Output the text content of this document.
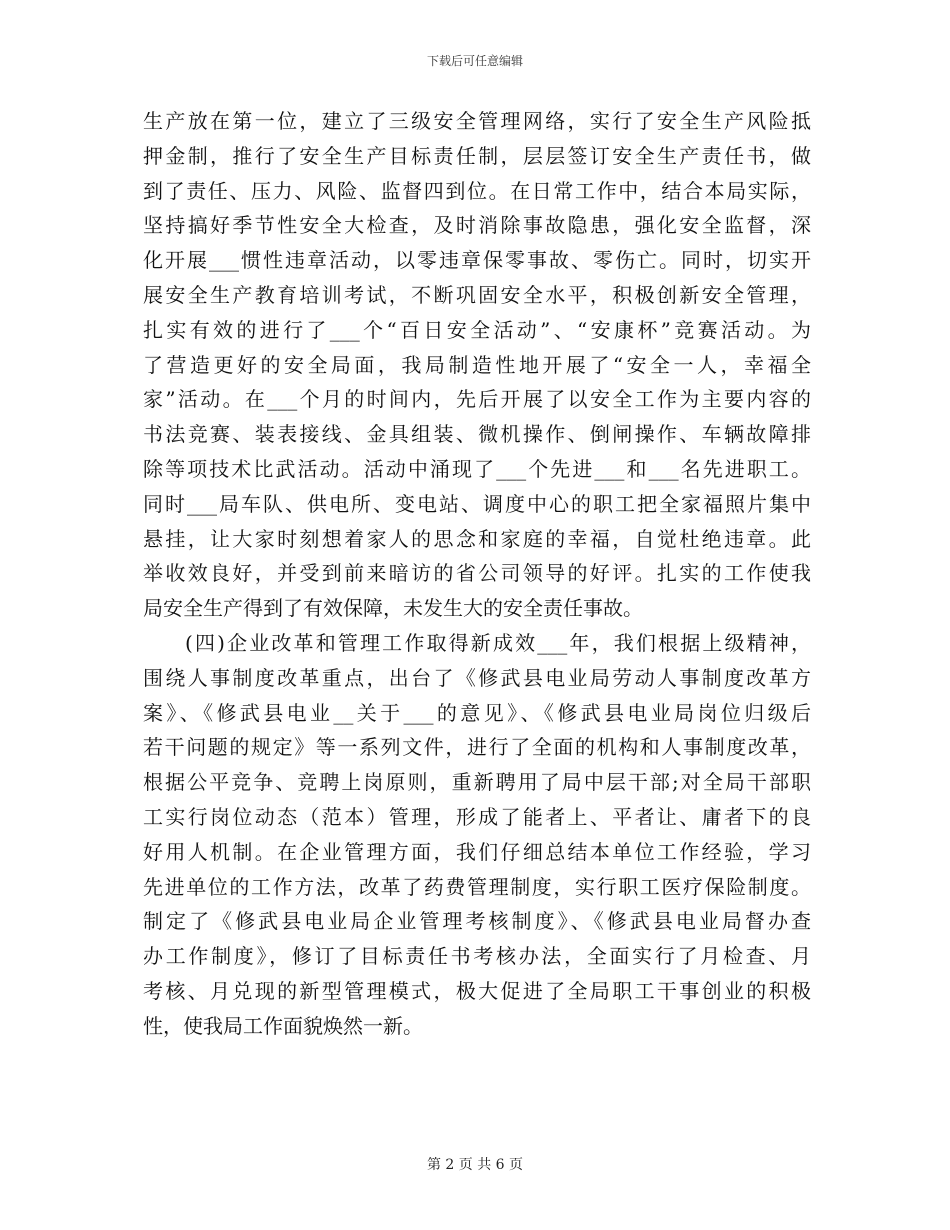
下载后可任意编辑
生产放在第一位，建立了三级安全管理网络，实行了安全生产风险抵
押金制，推行了安全生产目标责任制，层层签订安全生产责任书，做
到了责任、压力、风险、监督四到位。在日常工作中，结合本局实际，
坚持搞好季节性安全大检查，及时消除事故隐患，强化安全监督，深
化开展___惯性违章活动，以零违章保零事故、零伤亡。同时，切实开
展安全生产教育培训考试，不断巩固安全水平，积极创新安全管理，
扎实有效的进行了___个“百日安全活动”、“安康杯”竞赛活动。为
了营造更好的安全局面，我局制造性地开展了“安全一人，幸福全
家”活动。在___个月的时间内，先后开展了以安全工作为主要内容的
书法竞赛、装表接线、金具组装、微机操作、倒闸操作、车辆故障排
除等项技术比武活动。活动中涌现了___个先进___和___名先进职工。
同时___局车队、供电所、变电站、调度中心的职工把全家福照片集中
悬挂，让大家时刻想着家人的思念和家庭的幸福，自觉杜绝违章。此
举收效良好，并受到前来暗访的省公司领导的好评。扎实的工作使我
局安全生产得到了有效保障，未发生大的安全责任事故。
(四)企业改革和管理工作取得新成效___年，我们根据上级精神，
围绕人事制度改革重点，出台了《修武县电业局劳动人事制度改革方
案》、《修武县电业__关于___的意见》、《修武县电业局岗位归级后
若干问题的规定》等一系列文件，进行了全面的机构和人事制度改革，
根据公平竞争、竞聘上岗原则，重新聘用了局中层干部;对全局干部职
工实行岗位动态（范本）管理，形成了能者上、平者让、庸者下的良
好用人机制。在企业管理方面，我们仔细总结本单位工作经验，学习
先进单位的工作方法，改革了药费管理制度，实行职工医疗保险制度。
制定了《修武县电业局企业管理考核制度》、《修武县电业局督办查
办工作制度》，修订了目标责任书考核办法，全面实行了月检查、月
考核、月兑现的新型管理模式，极大促进了全局职工干事创业的积极
性，使我局工作面貌焕然一新。
第 2 页 共 6 页
